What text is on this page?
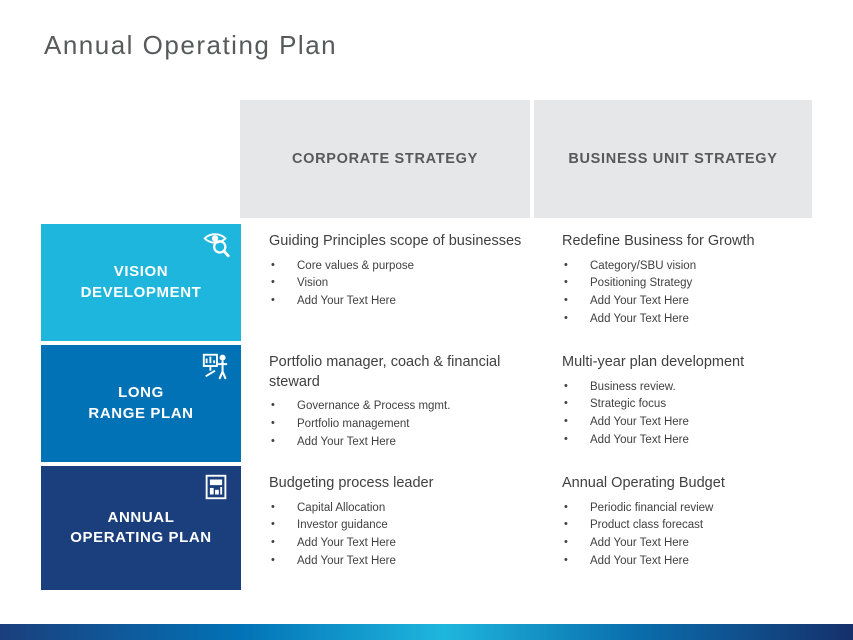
Annual Operating Plan
CORPORATE STRATEGY	BUSINESS UNIT STRATEGY
VISION
DEVELOPMENT
Guiding Principles scope of businesses
• Core values & purpose
• Vision
• Add Your Text Here
Redefine Business for Growth
• Category/SBU vision
• Positioning Strategy
• Add Your Text Here
• Add Your Text Here
LONG
RANGE PLAN
Portfolio manager, coach & financial steward
• Governance & Process mgmt.
• Portfolio management
• Add Your Text Here
Multi-year plan development
• Business review.
• Strategic focus
• Add Your Text Here
• Add Your Text Here
ANNUAL
OPERATING PLAN
Budgeting process leader
• Capital Allocation
• Investor guidance
• Add Your Text Here
• Add Your Text Here
Annual Operating Budget
• Periodic financial review
• Product class forecast
• Add Your Text Here
• Add Your Text Here
